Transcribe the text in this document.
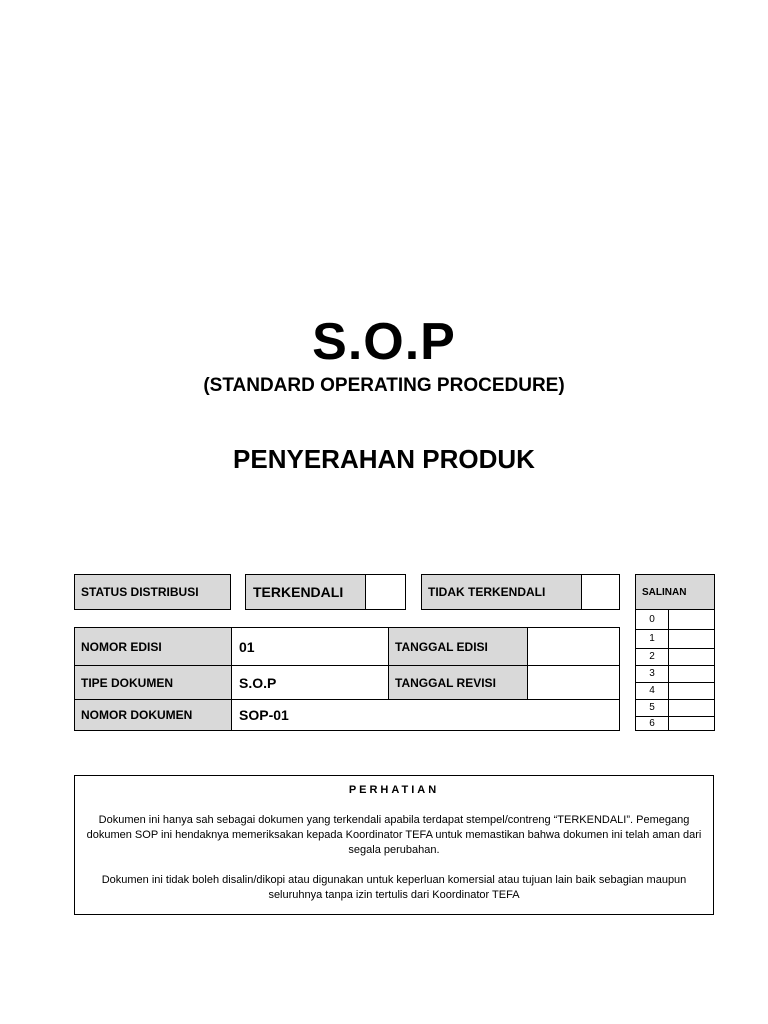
S.O.P
(STANDARD OPERATING PROCEDURE)
PENYERAHAN PRODUK
STATUS DISTRIBUSI	TERKENDALI	TIDAK TERKENDALI
NOMOR EDISI	01	TANGGAL EDISI
TIPE DOKUMEN	S.O.P	TANGGAL REVISI
NOMOR DOKUMEN	SOP-01
SALINAN
0
1
2
3
4
5
6
PERHATIAN

Dokumen ini hanya sah sebagai dokumen yang terkendali apabila terdapat stempel/contreng “TERKENDALI”. Pemegang dokumen SOP ini hendaknya memeriksakan kepada Koordinator TEFA untuk memastikan bahwa dokumen ini telah aman dari segala perubahan.

Dokumen ini tidak boleh disalin/dikopi atau digunakan untuk keperluan komersial atau tujuan lain baik sebagian maupun seluruhnya tanpa izin tertulis dari Koordinator TEFA
